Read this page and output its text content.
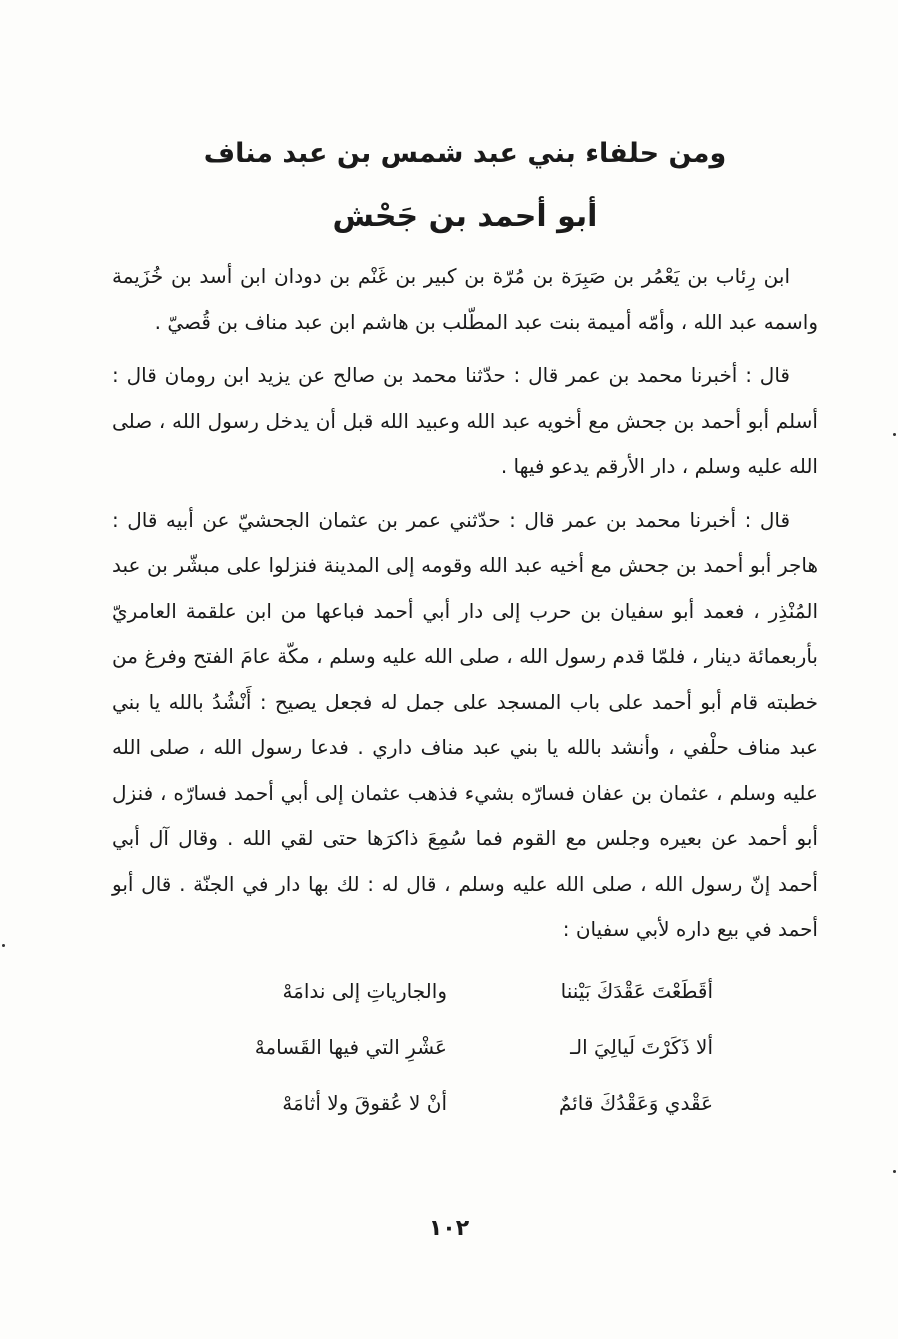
ومن حلفاء بني عبد شمس بن عبد مناف
أبو أحمد بن جَحْش

ابن رِئاب بن يَعْمُر بن صَبِرَة بن مُرّة بن كبير بن غَنْم بن دودان ابن أسد بن خُزَيمة واسمه عبد الله ، وأمّه أميمة بنت عبد المطّلب بن هاشم ابن عبد مناف بن قُصيّ .

قال : أخبرنا محمد بن عمر قال : حدّثنا محمد بن صالح عن يزيد ابن رومان قال : أسلم أبو أحمد بن جحش مع أخويه عبد الله وعبيد الله قبل أن يدخل رسول الله ، صلى الله عليه وسلم ، دار الأرقم يدعو فيها .

قال : أخبرنا محمد بن عمر قال : حدّثني عمر بن عثمان الجحشيّ عن أبيه قال : هاجر أبو أحمد بن جحش مع أخيه عبد الله وقومه إلى المدينة فنزلوا على مبشّر بن عبد المُنْذِر ، فعمد أبو سفيان بن حرب إلى دار أبي أحمد فباعها من ابن علقمة العامريّ بأربعمائة دينار ، فلمّا قدم رسول الله ، صلى الله عليه وسلم ، مكّة عامَ الفتح وفرغ من خطبته قام أبو أحمد على باب المسجد على جمل له فجعل يصيح : أَنْشُدُ بالله يا بني عبد مناف حلْفي ، وأنشد بالله يا بني عبد مناف داري . فدعا رسول الله ، صلى الله عليه وسلم ، عثمان بن عفان فسارّه بشيء فذهب عثمان إلى أبي أحمد فسارّه ، فنزل أبو أحمد عن بعيره وجلس مع القوم فما سُمِعَ ذاكرَها حتى لقي الله . وقال آل أبي أحمد إنّ رسول الله ، صلى الله عليه وسلم ، قال له : لك بها دار في الجنّة . قال أبو أحمد في بيع داره لأبي سفيان :

أقَطَعْتَ عَقْدَكَ بَيْننا
والجارياتِ إلى ندامَهْ
ألا ذَكَرْتَ لَيالِيَ الـ
عَشْرِ التي فيها القَسامهْ
عَقْدي وَعَقْدُكَ قائمٌ
أنْ لا عُقوقَ ولا أثامَهْ
١٠٢
